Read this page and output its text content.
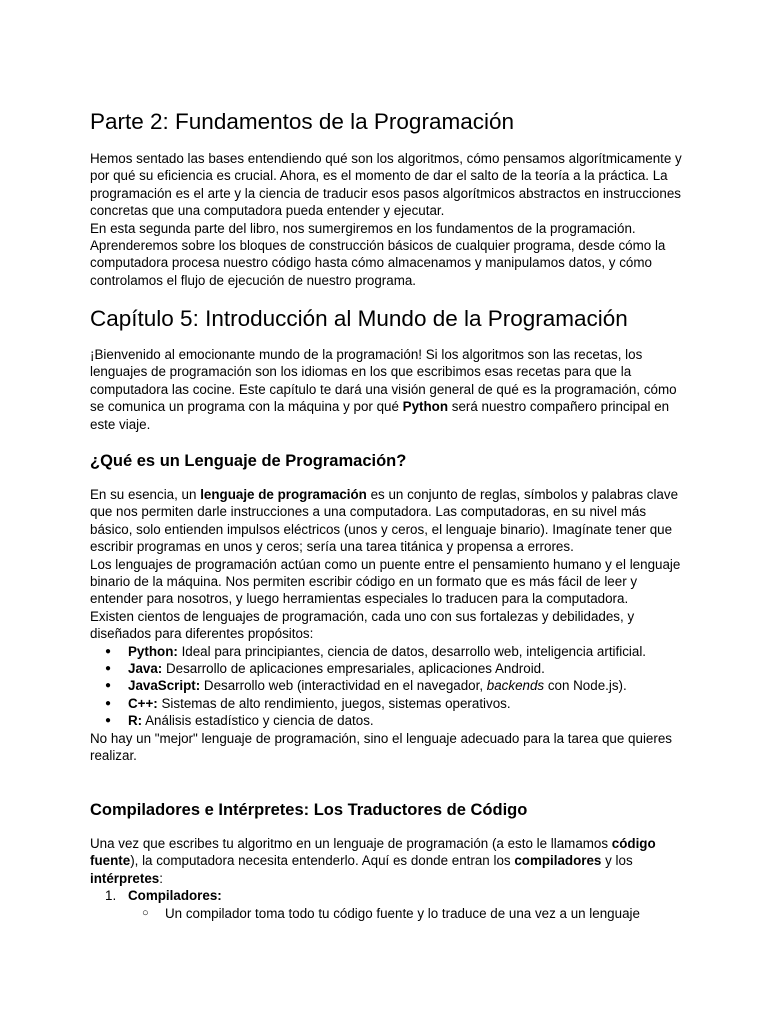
Parte 2: Fundamentos de la Programación

Hemos sentado las bases entendiendo qué son los algoritmos, cómo pensamos algorítmicamente y por qué su eficiencia es crucial. Ahora, es el momento de dar el salto de la teoría a la práctica. La programación es el arte y la ciencia de traducir esos pasos algorítmicos abstractos en instrucciones concretas que una computadora pueda entender y ejecutar.

En esta segunda parte del libro, nos sumergiremos en los fundamentos de la programación. Aprenderemos sobre los bloques de construcción básicos de cualquier programa, desde cómo la computadora procesa nuestro código hasta cómo almacenamos y manipulamos datos, y cómo controlamos el flujo de ejecución de nuestro programa.

Capítulo 5: Introducción al Mundo de la Programación

¡Bienvenido al emocionante mundo de la programación! Si los algoritmos son las recetas, los lenguajes de programación son los idiomas en los que escribimos esas recetas para que la computadora las cocine. Este capítulo te dará una visión general de qué es la programación, cómo se comunica un programa con la máquina y por qué Python será nuestro compañero principal en este viaje.

¿Qué es un Lenguaje de Programación?

En su esencia, un lenguaje de programación es un conjunto de reglas, símbolos y palabras clave que nos permiten darle instrucciones a una computadora. Las computadoras, en su nivel más básico, solo entienden impulsos eléctricos (unos y ceros, el lenguaje binario). Imagínate tener que escribir programas en unos y ceros; sería una tarea titánica y propensa a errores.

Los lenguajes de programación actúan como un puente entre el pensamiento humano y el lenguaje binario de la máquina. Nos permiten escribir código en un formato que es más fácil de leer y entender para nosotros, y luego herramientas especiales lo traducen para la computadora.

Existen cientos de lenguajes de programación, cada uno con sus fortalezas y debilidades, y diseñados para diferentes propósitos:

● Python: Ideal para principiantes, ciencia de datos, desarrollo web, inteligencia artificial.
● Java: Desarrollo de aplicaciones empresariales, aplicaciones Android.
● JavaScript: Desarrollo web (interactividad en el navegador, backends con Node.js).
● C++: Sistemas de alto rendimiento, juegos, sistemas operativos.
● R: Análisis estadístico y ciencia de datos.

No hay un "mejor" lenguaje de programación, sino el lenguaje adecuado para la tarea que quieres realizar.

Compiladores e Intérpretes: Los Traductores de Código

Una vez que escribes tu algoritmo en un lenguaje de programación (a esto le llamamos código fuente), la computadora necesita entenderlo. Aquí es donde entran los compiladores y los intérpretes:

1. Compiladores:
○ Un compilador toma todo tu código fuente y lo traduce de una vez a un lenguaje
